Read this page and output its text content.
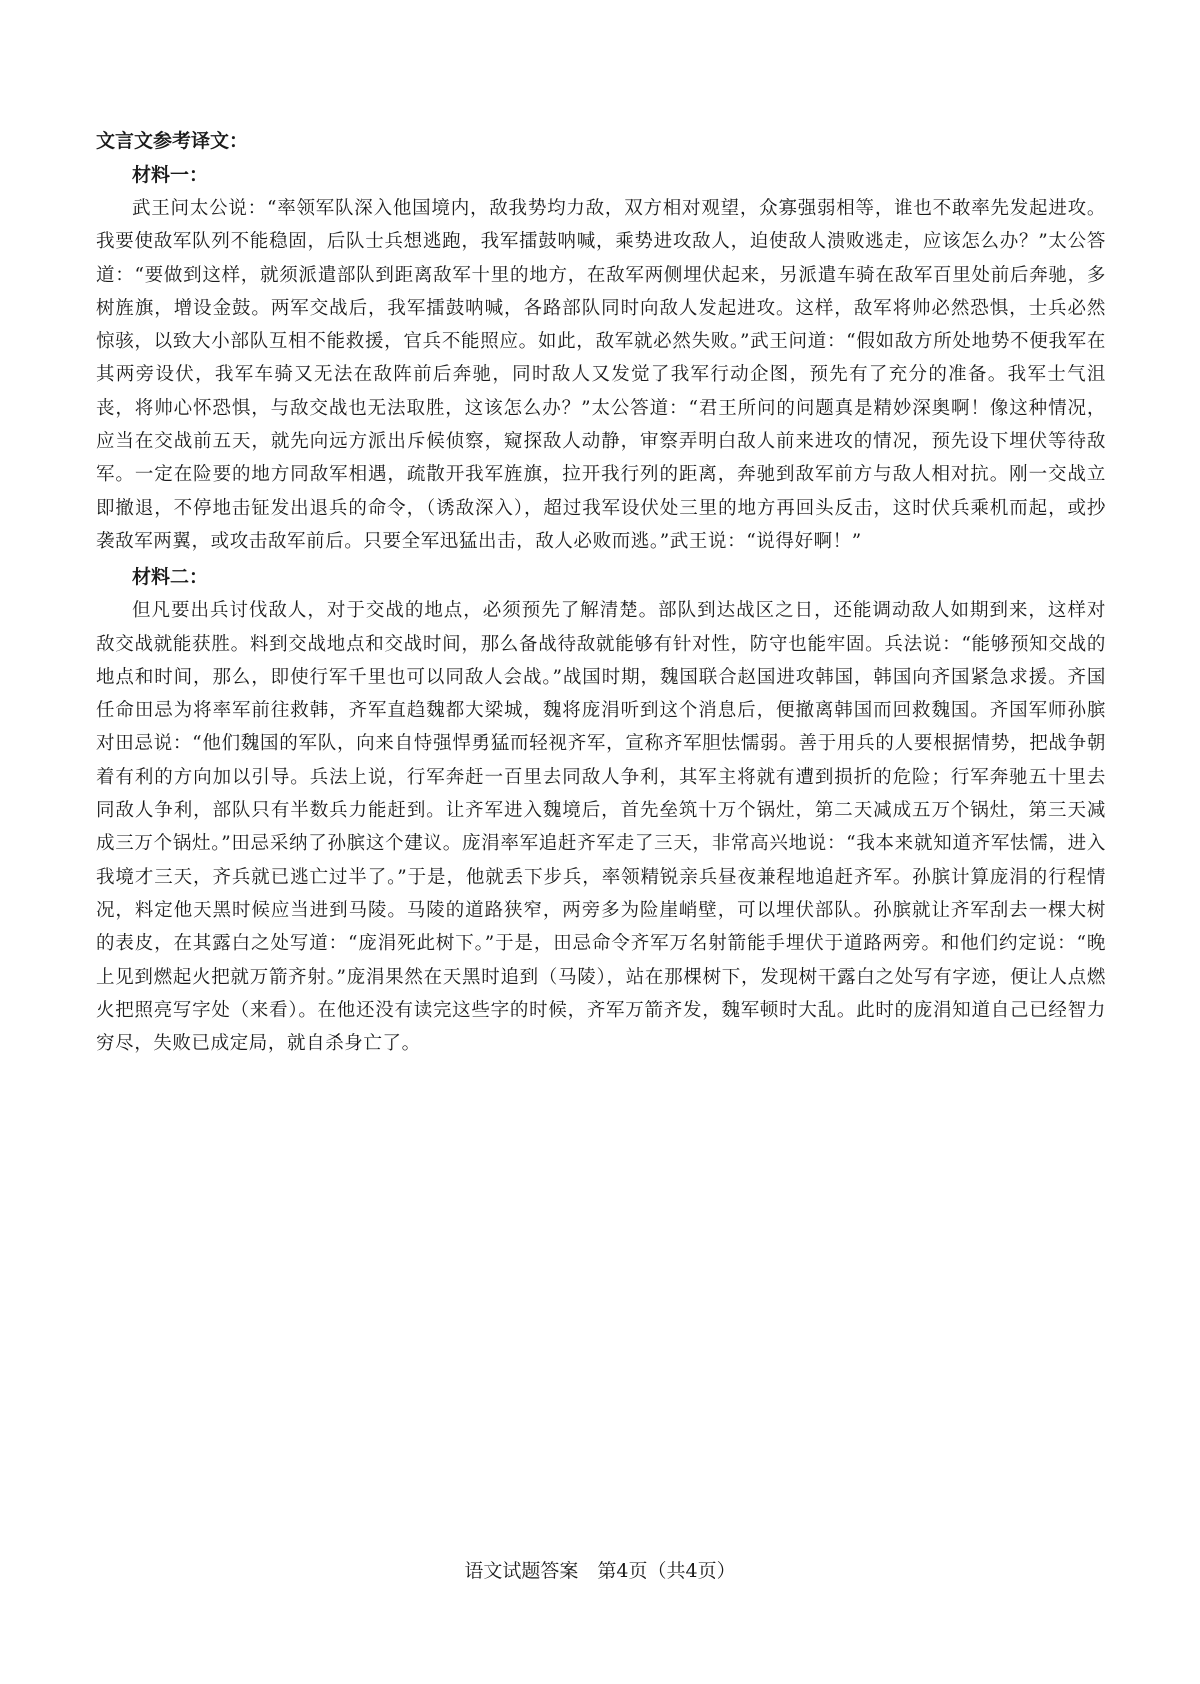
文言文参考译文：
材料一：

武王问太公说：“率领军队深入他国境内，敌我势均力敌，双方相对观望，众寡强弱相等，谁也不敢率先发起进攻。我要使敌军队列不能稳固，后队士兵想逃跑，我军擂鼓呐喊，乘势进攻敌人，迫使敌人溃败逃走，应该怎么办？”太公答道：“要做到这样，就须派遣部队到距离敌军十里的地方，在敌军两侧埋伏起来，另派遣车骑在敌军百里处前后奔驰，多树旌旗，增设金鼓。两军交战后，我军擂鼓呐喊，各路部队同时向敌人发起进攻。这样，敌军将帅必然恐惧，士兵必然惊骇，以致大小部队互相不能救援，官兵不能照应。如此，敌军就必然失败。”武王问道：“假如敌方所处地势不便我军在其两旁设伏，我军车骑又无法在敌阵前后奔驰，同时敌人又发觉了我军行动企图，预先有了充分的准备。我军士气沮丧，将帅心怀恐惧，与敌交战也无法取胜，这该怎么办？”太公答道：“君王所问的问题真是精妙深奥啊！像这种情况，应当在交战前五天，就先向远方派出斥候侦察，窥探敌人动静，审察弄明白敌人前来进攻的情况，预先设下埋伏等待敌军。一定在险要的地方同敌军相遇，疏散开我军旌旗，拉开我行列的距离，奔驰到敌军前方与敌人相对抗。刚一交战立即撤退，不停地击钲发出退兵的命令，（诱敌深入），超过我军设伏处三里的地方再回头反击，这时伏兵乘机而起，或抄袭敌军两翼，或攻击敌军前后。只要全军迅猛出击，敌人必败而逃。”武王说：“说得好啊！”

材料二：

但凡要出兵讨伐敌人，对于交战的地点，必须预先了解清楚。部队到达战区之日，还能调动敌人如期到来，这样对敌交战就能获胜。料到交战地点和交战时间，那么备战待敌就能够有针对性，防守也能牢固。兵法说：“能够预知交战的地点和时间，那么，即使行军千里也可以同敌人会战。”战国时期，魏国联合赵国进攻韩国，韩国向齐国紧急求援。齐国任命田忌为将率军前往救韩，齐军直趋魏都大梁城，魏将庞涓听到这个消息后，便撤离韩国而回救魏国。齐国军师孙膑对田忌说：“他们魏国的军队，向来自恃强悍勇猛而轻视齐军，宣称齐军胆怯懦弱。善于用兵的人要根据情势，把战争朝着有利的方向加以引导。兵法上说，行军奔赶一百里去同敌人争利，其军主将就有遭到损折的危险；行军奔驰五十里去同敌人争利，部队只有半数兵力能赶到。让齐军进入魏境后，首先垒筑十万个锅灶，第二天减成五万个锅灶，第三天减成三万个锅灶。”田忌采纳了孙膑这个建议。庞涓率军追赶齐军走了三天，非常高兴地说：“我本来就知道齐军怯懦，进入我境才三天，齐兵就已逃亡过半了。”于是，他就丢下步兵，率领精锐亲兵昼夜兼程地追赶齐军。孙膑计算庞涓的行程情况，料定他天黑时候应当进到马陵。马陵的道路狭窄，两旁多为险崖峭壁，可以埋伏部队。孙膑就让齐军刮去一棵大树的表皮，在其露白之处写道：“庞涓死此树下。”于是，田忌命令齐军万名射箭能手埋伏于道路两旁。和他们约定说：“晚上见到燃起火把就万箭齐射。”庞涓果然在天黑时追到（马陵），站在那棵树下，发现树干露白之处写有字迹，便让人点燃火把照亮写字处（来看）。在他还没有读完这些字的时候，齐军万箭齐发，魏军顿时大乱。此时的庞涓知道自己已经智力穷尽，失败已成定局，就自杀身亡了。

语文试题答案　第4页（共4页）
